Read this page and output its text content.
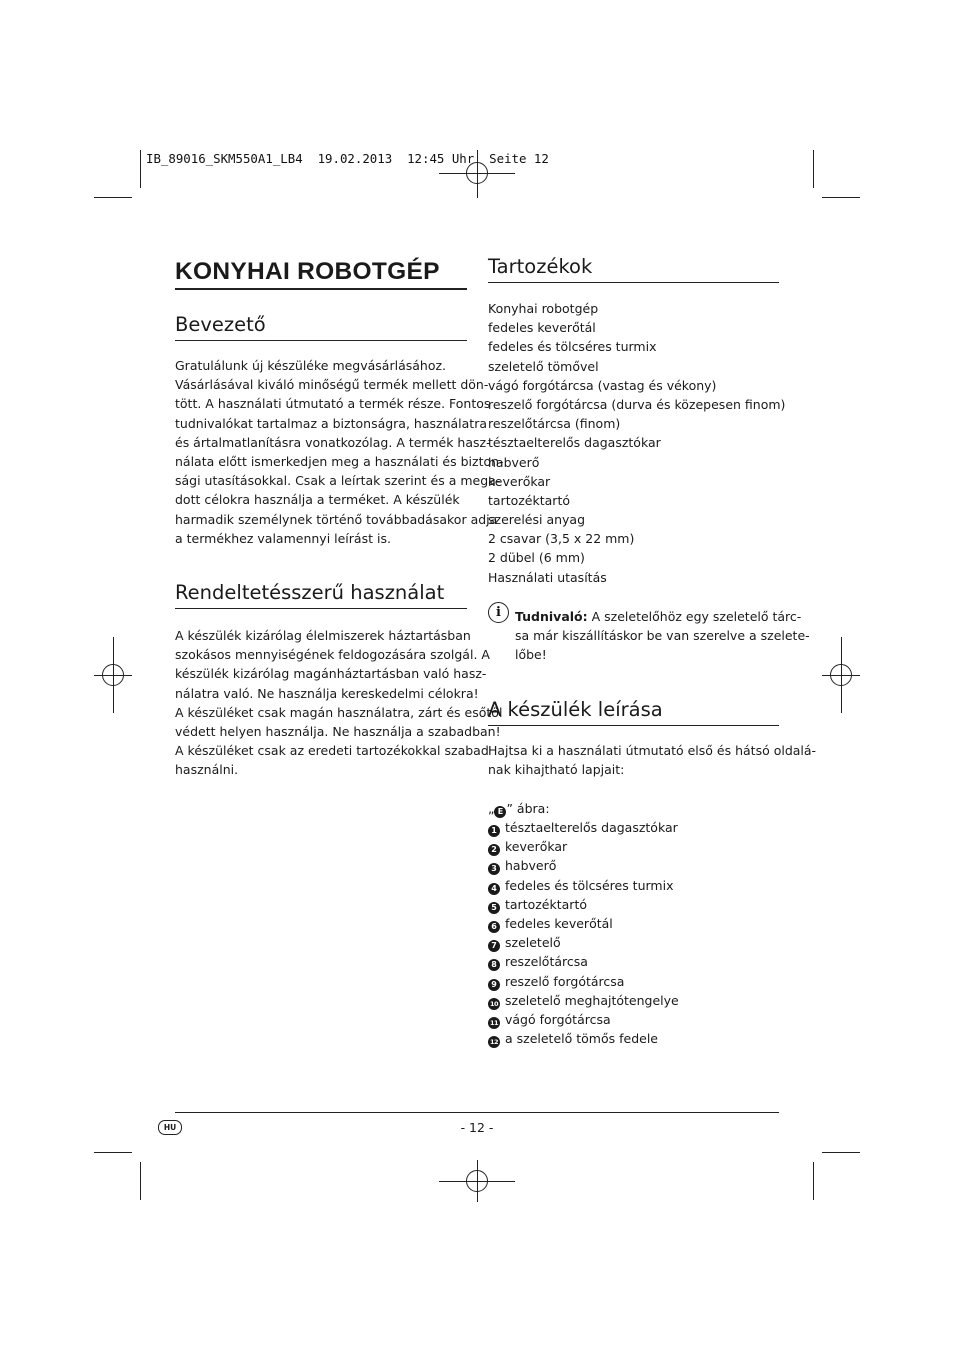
IB_89016_SKM550A1_LB4  19.02.2013  12:45 Uhr  Seite 12
KONYHAI ROBOTGÉP
Bevezető
Gratulálunk új készüléke megvásárlásához.
Vásárlásával kiváló minőségű termék mellett dön-
tött. A használati útmutató a termék része. Fontos
tudnivalókat tartalmaz a biztonságra, használatra
és ártalmatlanításra vonatkozólag. A termék hasz-
nálata előtt ismerkedjen meg a használati és bizton-
sági utasításokkal. Csak a leírtak szerint és a mega-
dott célokra használja a terméket. A készülék
harmadik személynek történő továbbadásakor adja
a termékhez valamennyi leírást is.
Rendeltetésszerű használat
A készülék kizárólag élelmiszerek háztartásban
szokásos mennyiségének feldogozására szolgál. A
készülék kizárólag magánháztartásban való hasz-
nálatra való. Ne használja kereskedelmi célokra!
A készüléket csak magán használatra, zárt és esőtől
védett helyen használja. Ne használja a szabadban!
A készüléket csak az eredeti tartozékokkal szabad
használni.
Tartozékok
Konyhai robotgép
fedeles keverőtál
fedeles és tölcséres turmix
szeletelő tömővel
vágó forgótárcsa (vastag és vékony)
reszelő forgótárcsa (durva és közepesen finom)
reszelőtárcsa (finom)
tésztaelterelős dagasztókar
habverő
keverőkar
tartozéktartó
szerelési anyag
2 csavar (3,5 x 22 mm)
2 dübel (6 mm)
Használati utasítás
i	Tudnivaló: A szeletelőhöz egy szeletelő tárc-
sa már kiszállításkor be van szerelve a szelete-
lőbe!
A készülék leírása
Hajtsa ki a használati útmutató első és hátsó oldalá-
nak kihajtható lapjait:
„ E ” ábra:
1 tésztaelterelős dagasztókar
2 keverőkar
3 habverő
4 fedeles és tölcséres turmix
5 tartozéktartó
6 fedeles keverőtál
7 szeletelő
8 reszelőtárcsa
9 reszelő forgótárcsa
10 szeletelő meghajtótengelye
11 vágó forgótárcsa
12 a szeletelő tömős fedele
HU	- 12 -
